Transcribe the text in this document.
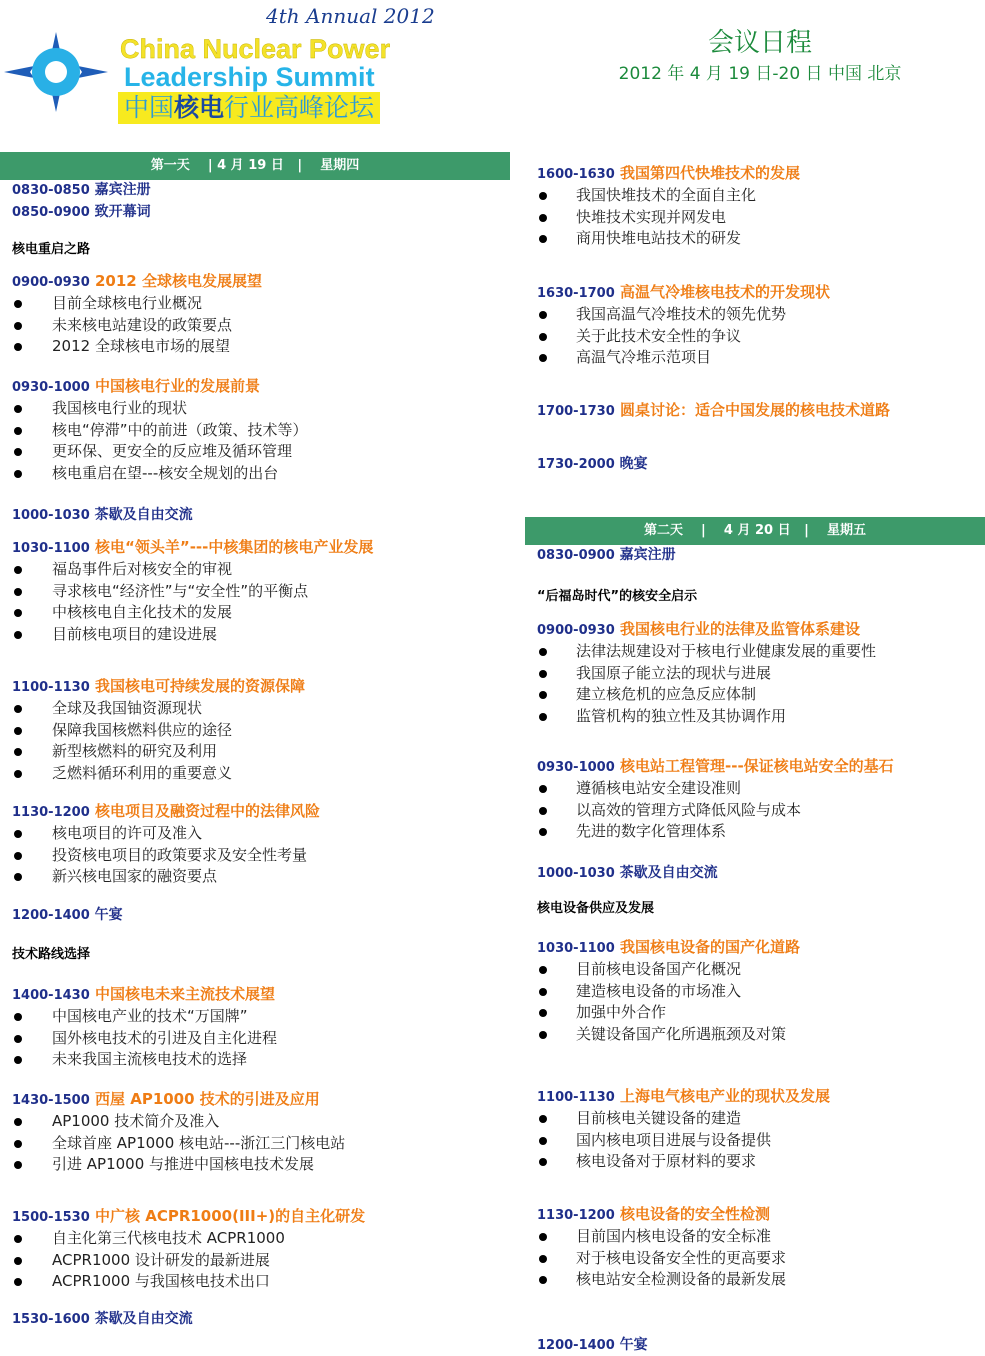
4th Annual 2012
China Nuclear Power
Leadership Summit
中国核电行业高峰论坛
会议日程
2012 年 4 月 19 日-20 日 中国 北京
第一天    | 4 月 19 日   |    星期四
0830-0850 嘉宾注册
0850-0900 致开幕词
核电重启之路
0900-0930 2012 全球核电发展展望
目前全球核电行业概况
未来核电站建设的政策要点
2012 全球核电市场的展望
0930-1000 中国核电行业的发展前景
我国核电行业的现状
核电“停滞”中的前进（政策、技术等）
更环保、更安全的反应堆及循环管理
核电重启在望---核安全规划的出台
1000-1030 茶歇及自由交流
1030-1100 核电“领头羊”---中核集团的核电产业发展
福岛事件后对核安全的审视
寻求核电“经济性”与“安全性”的平衡点
中核核电自主化技术的发展
目前核电项目的建设进展
1100-1130 我国核电可持续发展的资源保障
全球及我国铀资源现状
保障我国核燃料供应的途径
新型核燃料的研究及利用
乏燃料循环利用的重要意义
1130-1200 核电项目及融资过程中的法律风险
核电项目的许可及准入
投资核电项目的政策要求及安全性考量
新兴核电国家的融资要点
1200-1400 午宴
技术路线选择
1400-1430 中国核电未来主流技术展望
中国核电产业的技术“万国牌”
国外核电技术的引进及自主化进程
未来我国主流核电技术的选择
1430-1500 西屋 AP1000 技术的引进及应用
AP1000 技术简介及准入
全球首座 AP1000 核电站---浙江三门核电站
引进 AP1000 与推进中国核电技术发展
1500-1530 中广核 ACPR1000(III+)的自主化研发
自主化第三代核电技术 ACPR1000
ACPR1000 设计研发的最新进展
ACPR1000 与我国核电技术出口
1530-1600 茶歇及自由交流
1600-1630 我国第四代快堆技术的发展
我国快堆技术的全面自主化
快堆技术实现并网发电
商用快堆电站技术的研发
1630-1700 高温气冷堆核电技术的开发现状
我国高温气冷堆技术的领先优势
关于此技术安全性的争议
高温气冷堆示范项目
1700-1730 圆桌讨论：适合中国发展的核电技术道路
1730-2000 晚宴
第二天    |    4 月 20 日   |    星期五
0830-0900 嘉宾注册
“后福岛时代”的核安全启示
0900-0930 我国核电行业的法律及监管体系建设
法律法规建设对于核电行业健康发展的重要性
我国原子能立法的现状与进展
建立核危机的应急反应体制
监管机构的独立性及其协调作用
0930-1000 核电站工程管理---保证核电站安全的基石
遵循核电站安全建设准则
以高效的管理方式降低风险与成本
先进的数字化管理体系
1000-1030 茶歇及自由交流
核电设备供应及发展
1030-1100 我国核电设备的国产化道路
目前核电设备国产化概况
建造核电设备的市场准入
加强中外合作
关键设备国产化所遇瓶颈及对策
1100-1130 上海电气核电产业的现状及发展
目前核电关键设备的建造
国内核电项目进展与设备提供
核电设备对于原材料的要求
1130-1200 核电设备的安全性检测
目前国内核电设备的安全标准
对于核电设备安全性的更高要求
核电站安全检测设备的最新发展
1200-1400 午宴
